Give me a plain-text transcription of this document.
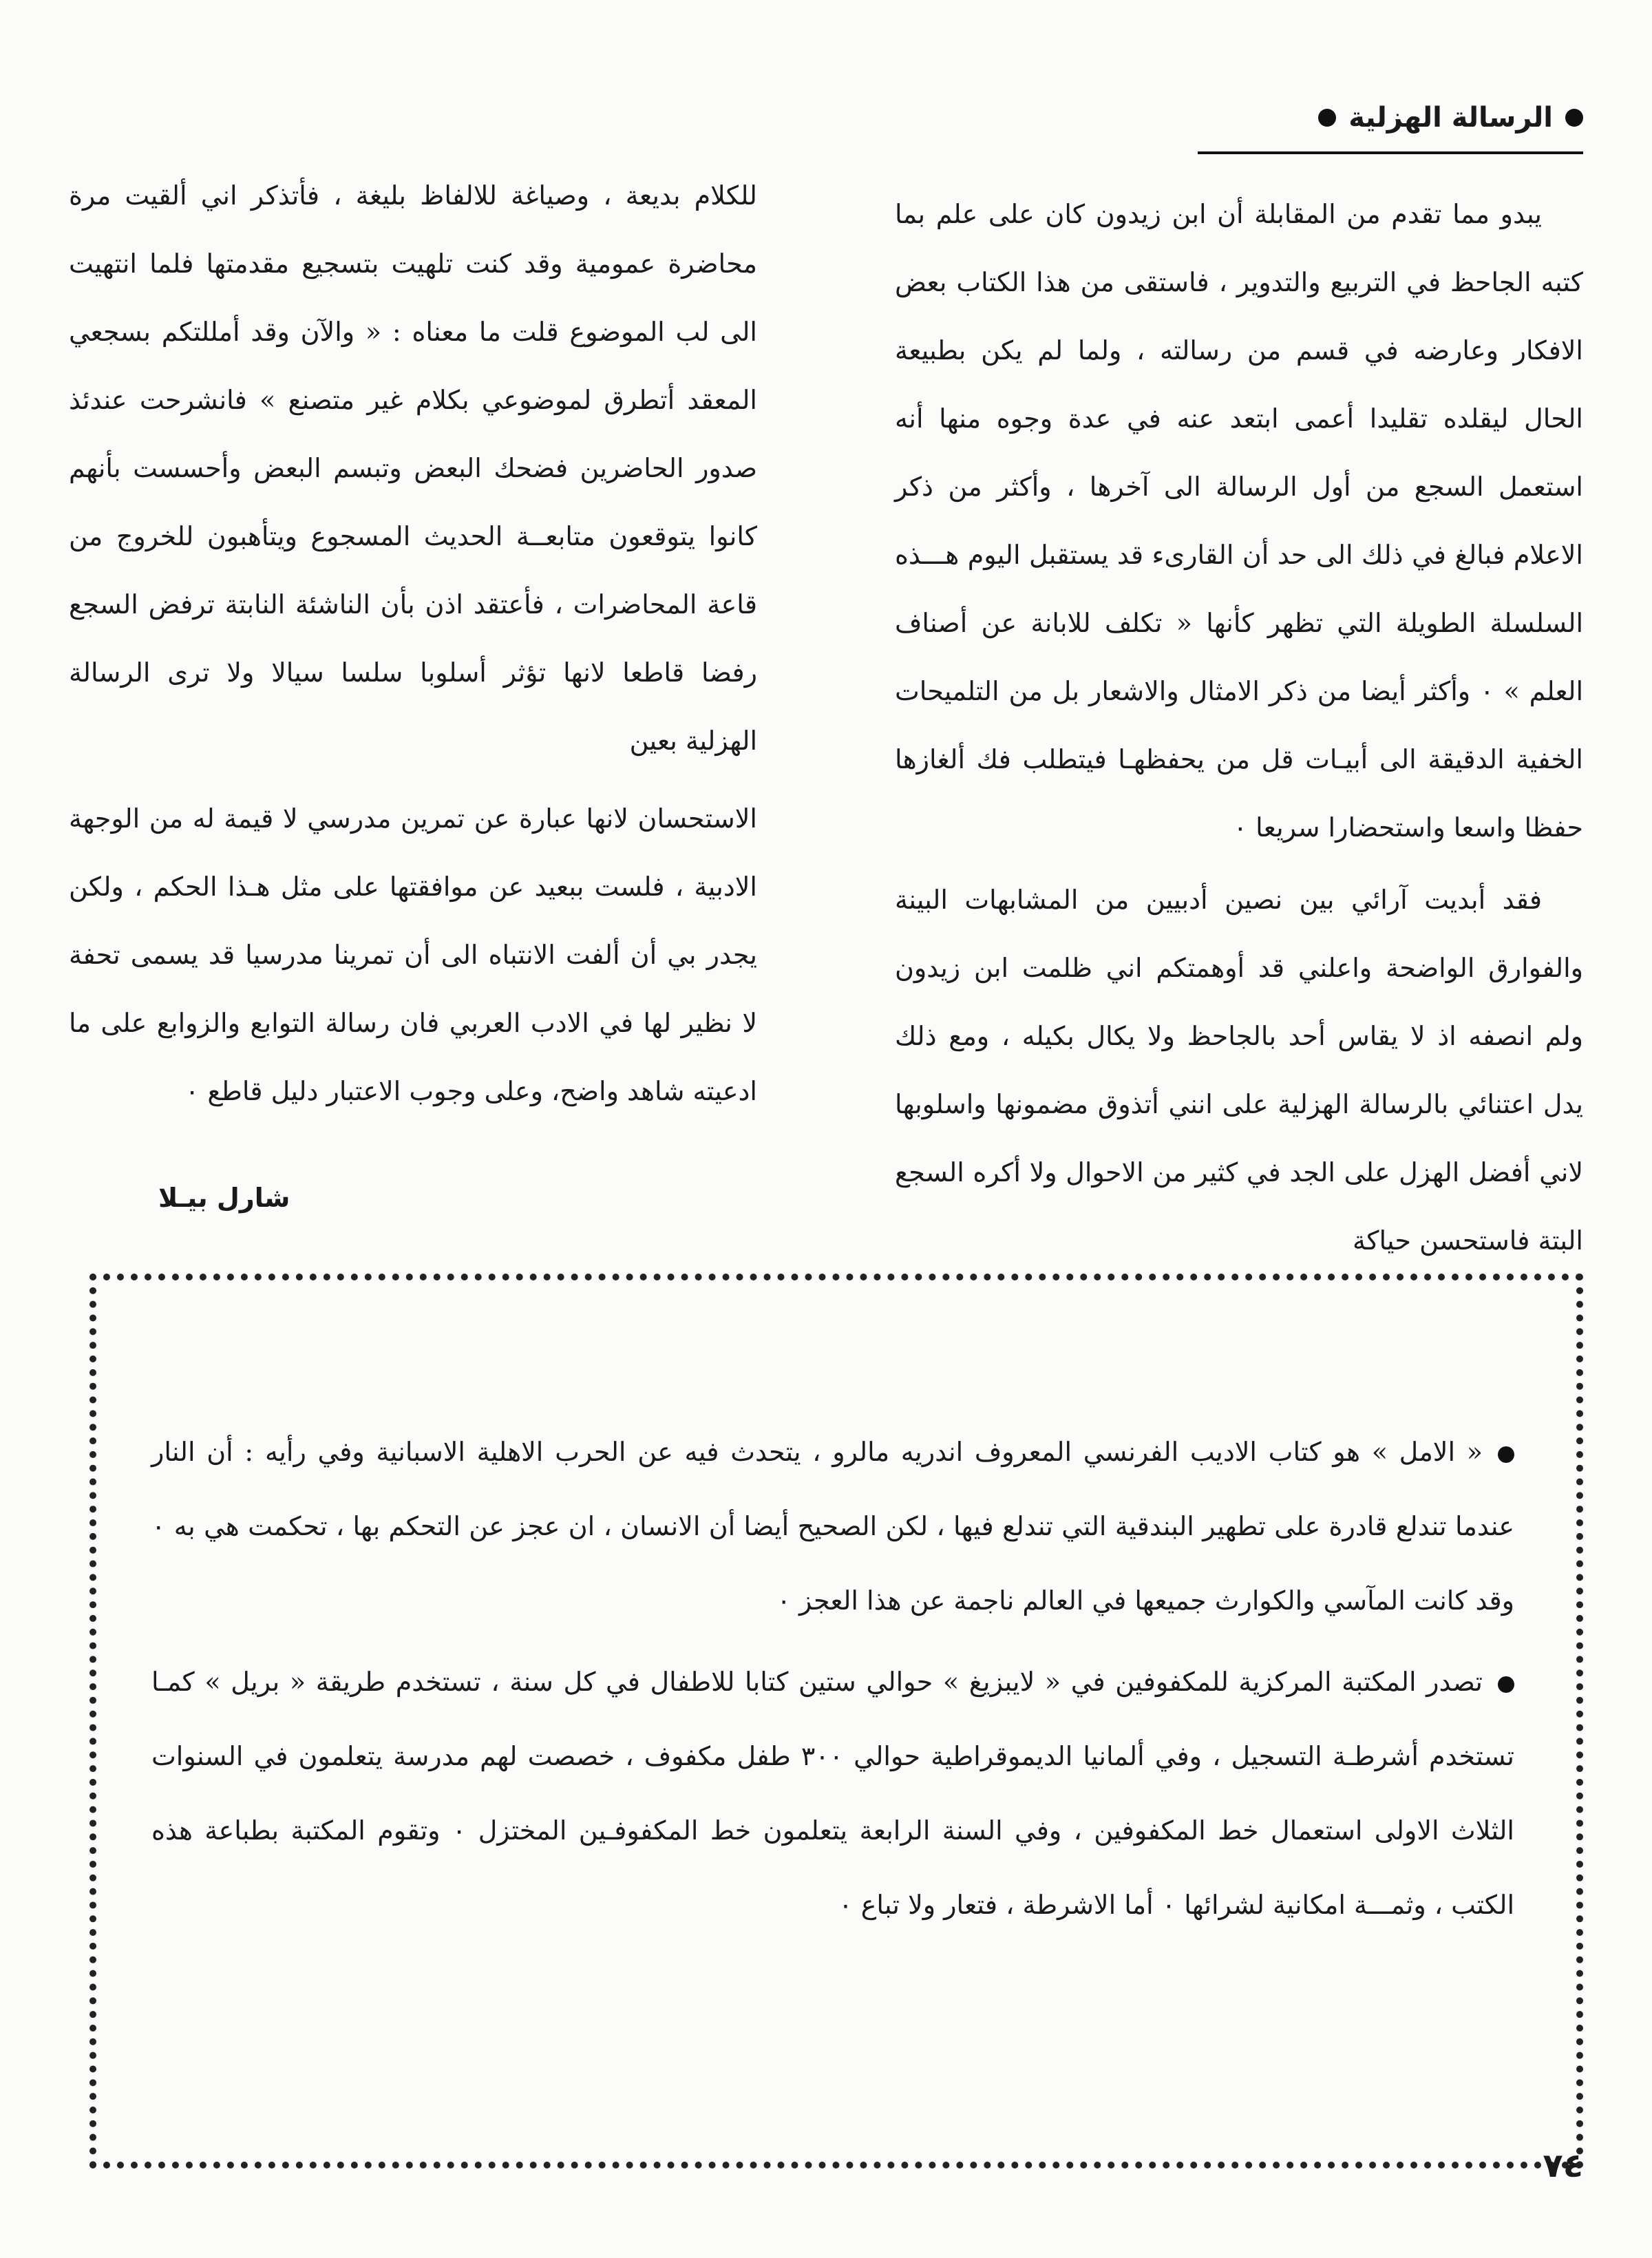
الرسالة الهزلية

يبدو مما تقدم من المقابلة أن ابن زيدون كان على علم بما كتبه الجاحظ في التربيع والتدوير ، فاستقى من هذا الكتاب بعض الافكار وعارضه في قسم من رسالته ، ولما لم يكن بطبيعة الحال ليقلده تقليدا أعمى ابتعد عنه في عدة وجوه منها أنه استعمل السجع من أول الرسالة الى آخرها ، وأكثر من ذكر الاعلام فبالغ في ذلك الى حد أن القارىء قد يستقبل اليوم هـــذه السلسلة الطويلة التي تظهر كأنها « تكلف للابانة عن أصناف العلم » ٠ وأكثر أيضا من ذكر الامثال والاشعار بل من التلميحات الخفية الدقيقة الى أبيـات قل من يحفظهـا فيتطلب فك ألغازها حفظا واسعا واستحضارا سريعا ٠

فقد أبديت آرائي بين نصين أدبيين من المشابهات البينة والفوارق الواضحة واعلني قد أوهمتكم اني ظلمت ابن زيدون ولم انصفه اذ لا يقاس أحد بالجاحظ ولا يكال بكيله ، ومع ذلك يدل اعتنائي بالرسالة الهزلية على انني أتذوق مضمونها واسلوبها لاني أفضل الهزل على الجد في كثير من الاحوال ولا أكره السجع البتة فاستحسن حياكة

للكلام بديعة ، وصياغة للالفاظ بليغة ، فأتذكر اني ألقيت مرة محاضرة عمومية وقد كنت تلهيت بتسجيع مقدمتها فلما انتهيت الى لب الموضوع قلت ما معناه : « والآن وقد أمللتكم بسجعي المعقد أتطرق لموضوعي بكلام غير متصنع » فانشرحت عندئذ صدور الحاضرين فضحك البعض وتبسم البعض وأحسست بأنهم كانوا يتوقعون متابعــة الحديث المسجوع ويتأهبون للخروج من قاعة المحاضرات ، فأعتقد اذن بأن الناشئة النابتة ترفض السجع رفضا قاطعا لانها تؤثر أسلوبا سلسا سيالا ولا ترى الرسالة الهزلية بعين

الاستحسان لانها عبارة عن تمرين مدرسي لا قيمة له من الوجهة الادبية ، فلست ببعيد عن موافقتها على مثل هـذا الحكم ، ولكن يجدر بي أن ألفت الانتباه الى أن تمرينا مدرسيا قد يسمى تحفة لا نظير لها في الادب العربي فان رسالة التوابع والزوابع على ما ادعيته شاهد واضح، وعلى وجوب الاعتبار دليل قاطع ٠

شارل بيـلا

« الامل » هو كتاب الاديب الفرنسي المعروف اندريه مالرو ، يتحدث فيه عن الحرب الاهلية الاسبانية وفي رأيه : أن النار عندما تندلع قادرة على تطهير البندقية التي تندلع فيها ، لكن الصحيح أيضا أن الانسان ، ان عجز عن التحكم بها ، تحكمت هي به ٠ وقد كانت المآسي والكوارث جميعها في العالم ناجمة عن هذا العجز ٠

تصدر المكتبة المركزية للمكفوفين في « لايبزيغ » حوالي ستين كتابا للاطفال في كل سنة ، تستخدم طريقة « بريل » كمـا تستخدم أشرطـة التسجيل ، وفي ألمانيا الديموقراطية حوالي ٣٠٠ طفل مكفوف ، خصصت لهم مدرسة يتعلمون في السنوات الثلاث الاولى استعمال خط المكفوفين ، وفي السنة الرابعة يتعلمون خط المكفوفـين المختزل ٠ وتقوم المكتبة بطباعة هذه الكتب ، وثمـــة امكانية لشرائها ٠ أما الاشرطة ، فتعار ولا تباع ٠

٧٤
